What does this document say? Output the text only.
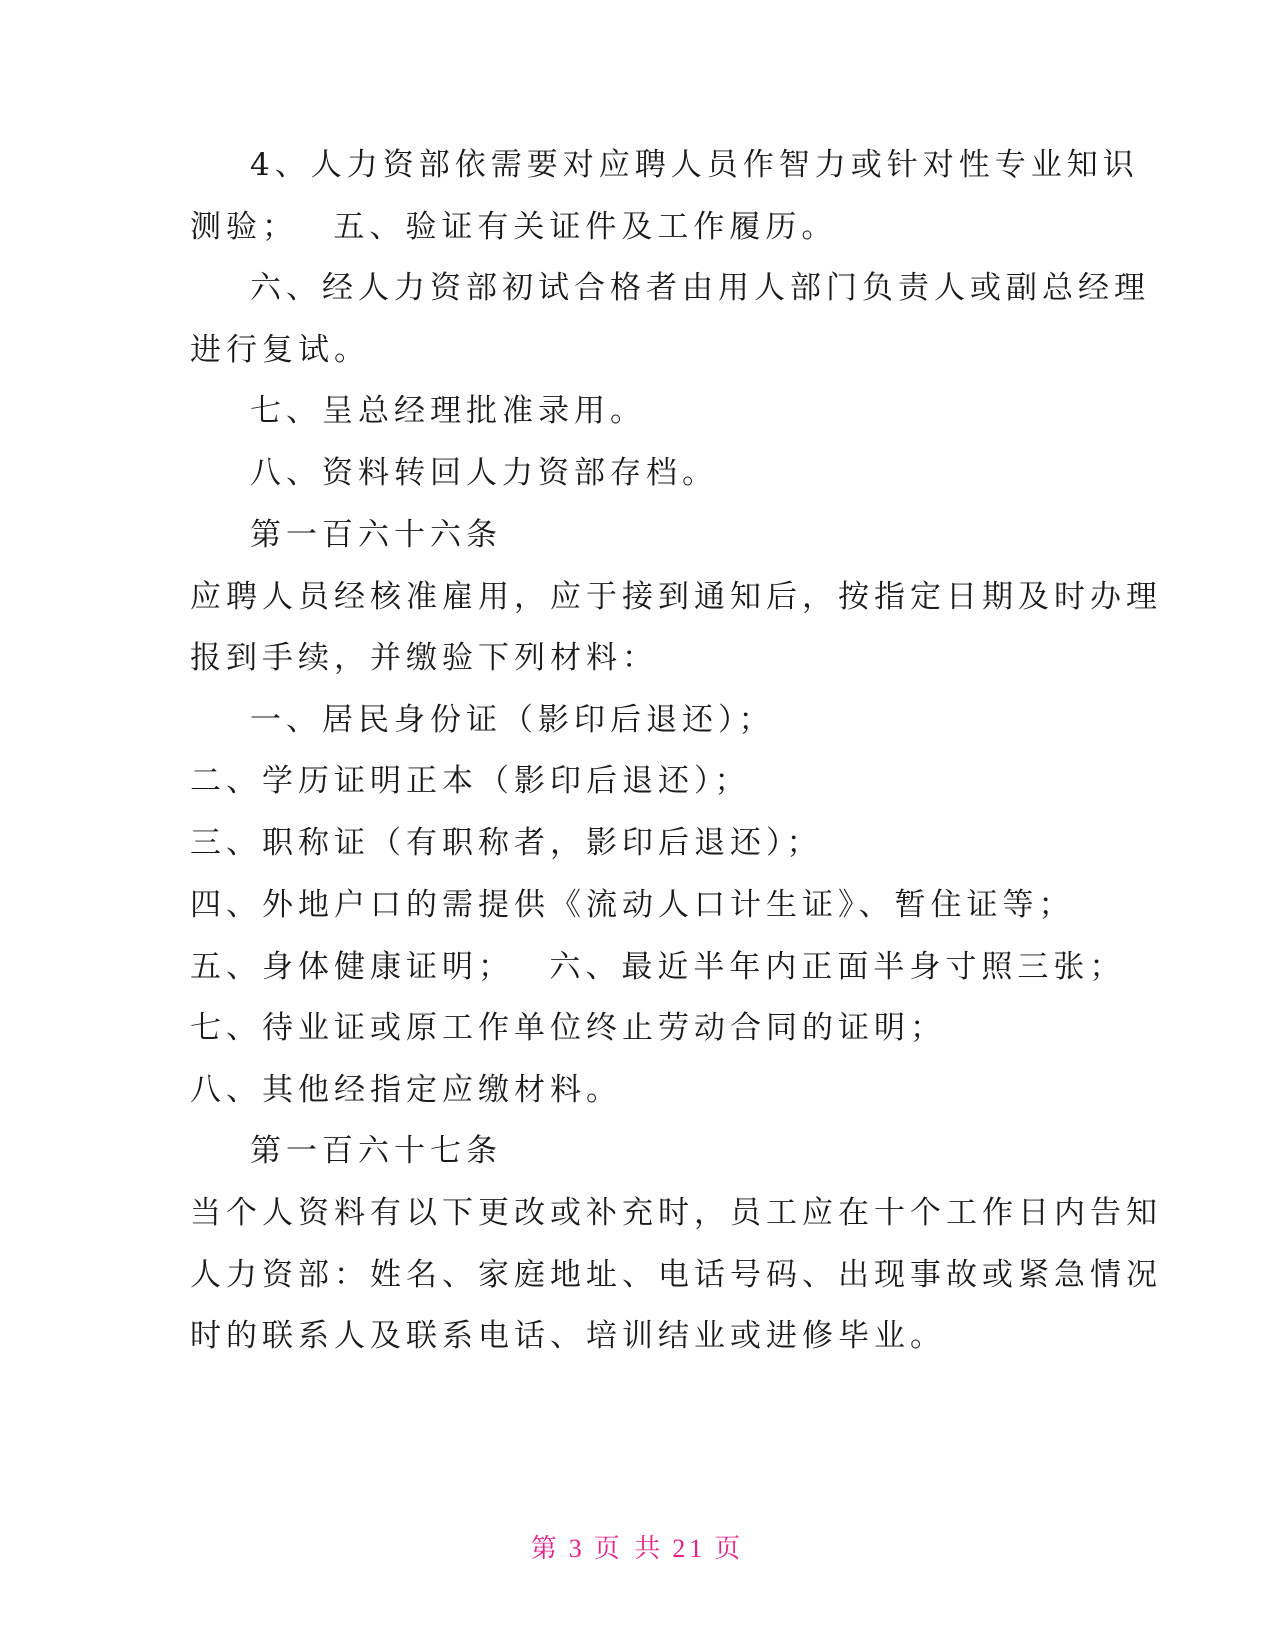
4、人力资部依需要对应聘人员作智力或针对性专业知识

测验；　 五、验证有关证件及工作履历。

六、经人力资部初试合格者由用人部门负责人或副总经理

进行复试。

七、呈总经理批准录用。

八、资料转回人力资部存档。

第一百六十六条

应聘人员经核准雇用，应于接到通知后，按指定日期及时办理

报到手续，并缴验下列材料：

一、居民身份证（影印后退还）；

二、学历证明正本（影印后退还）；

三、职称证（有职称者，影印后退还）；

四、外地户口的需提供《流动人口计生证》、暂住证等；

五、身体健康证明；　 六、最近半年内正面半身寸照三张；

七、待业证或原工作单位终止劳动合同的证明；

八、其他经指定应缴材料。

第一百六十七条

当个人资料有以下更改或补充时，员工应在十个工作日内告知

人力资部：姓名、家庭地址、电话号码、出现事故或紧急情况

时的联系人及联系电话、培训结业或进修毕业。

第 3 页 共 21 页
